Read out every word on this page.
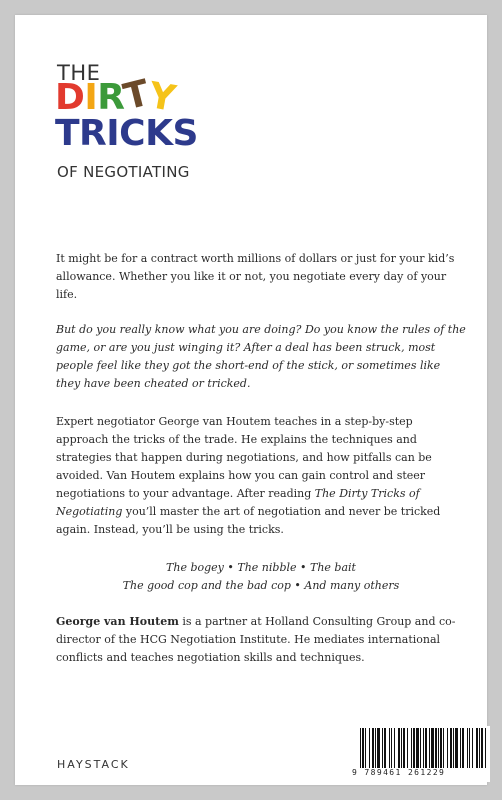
THE
DIRTY
TRICKS
OF NEGOTIATING

It might be for a contract worth millions of dollars or just for your kid’s allowance. Whether you like it or not, you negotiate every day of your life.

But do you really know what you are doing? Do you know the rules of the game, or are you just winging it? After a deal has been struck, most people feel like they got the short-end of the stick, or sometimes like they have been cheated or tricked.

Expert negotiator George van Houtem teaches in a step-by-step approach the tricks of the trade. He explains the techniques and strategies that happen during negotiations, and how pitfalls can be avoided. Van Houtem explains how you can gain control and steer negotiations to your advantage. After reading The Dirty Tricks of Negotiating you’ll master the art of negotiation and never be tricked again. Instead, you’ll be using the tricks.

The bogey • The nibble • The bait
The good cop and the bad cop • And many others

George van Houtem is a partner at Holland Consulting Group and co-director of the HCG Negotiation Institute. He mediates international conflicts and teaches negotiation skills and techniques.

HAYSTACK
9 789461 261229
